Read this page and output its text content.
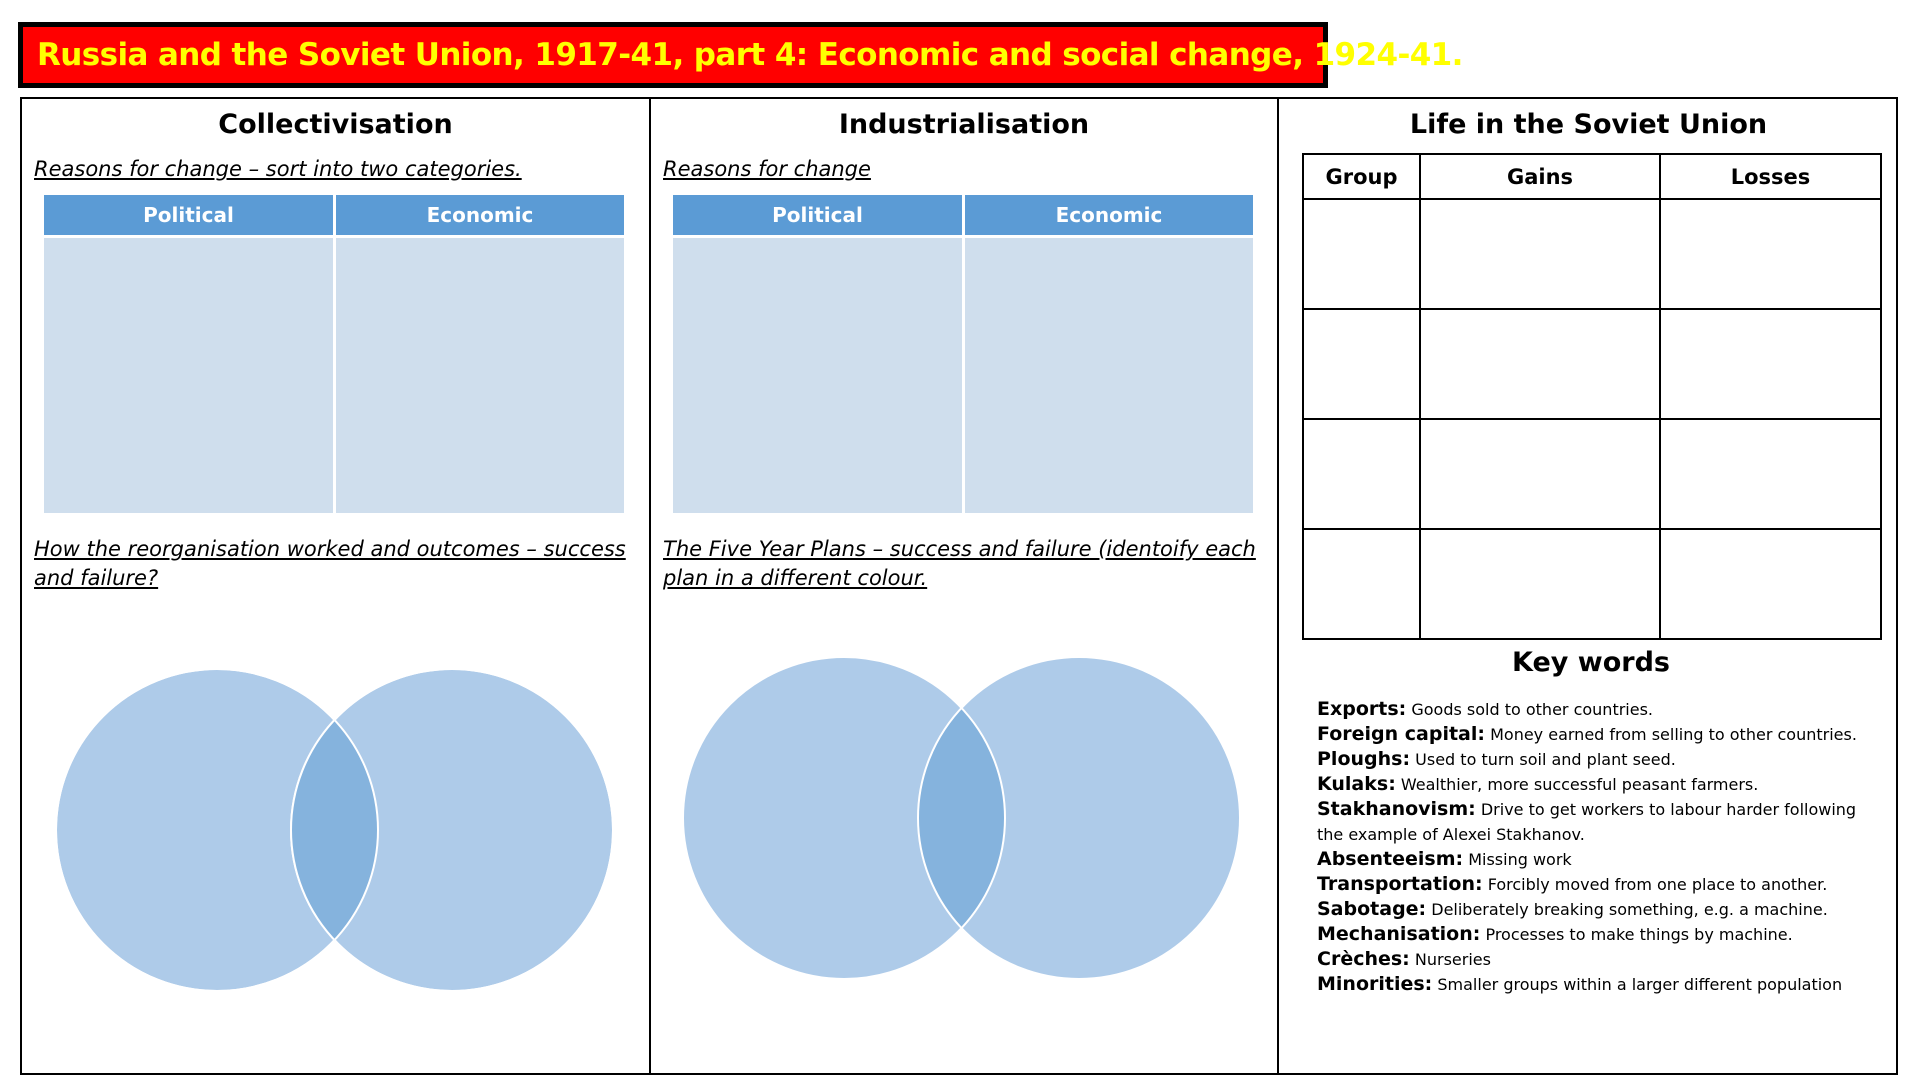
Russia and the Soviet Union, 1917-41, part 4: Economic and social change, 1924-41.
Collectivisation
Reasons for change – sort into two categories.
Political	Economic
How the reorganisation worked and outcomes – success and failure?
Industrialisation
Reasons for change
Political	Economic
The Five Year Plans – success and failure (identoify each plan in a different colour.
Life in the Soviet Union
Group	Gains	Losses

Key words
Exports: Goods sold to other countries.
Foreign capital: Money earned from selling to other countries.
Ploughs: Used to turn soil and plant seed.
Kulaks: Wealthier, more successful peasant farmers.
Stakhanovism: Drive to get workers to labour harder following the example of Alexei Stakhanov.
Absenteeism: Missing work
Transportation: Forcibly moved from one place to another.
Sabotage: Deliberately breaking something, e.g. a machine.
Mechanisation: Processes to make things by machine.
Crèches: Nurseries
Minorities: Smaller groups within a larger different population
